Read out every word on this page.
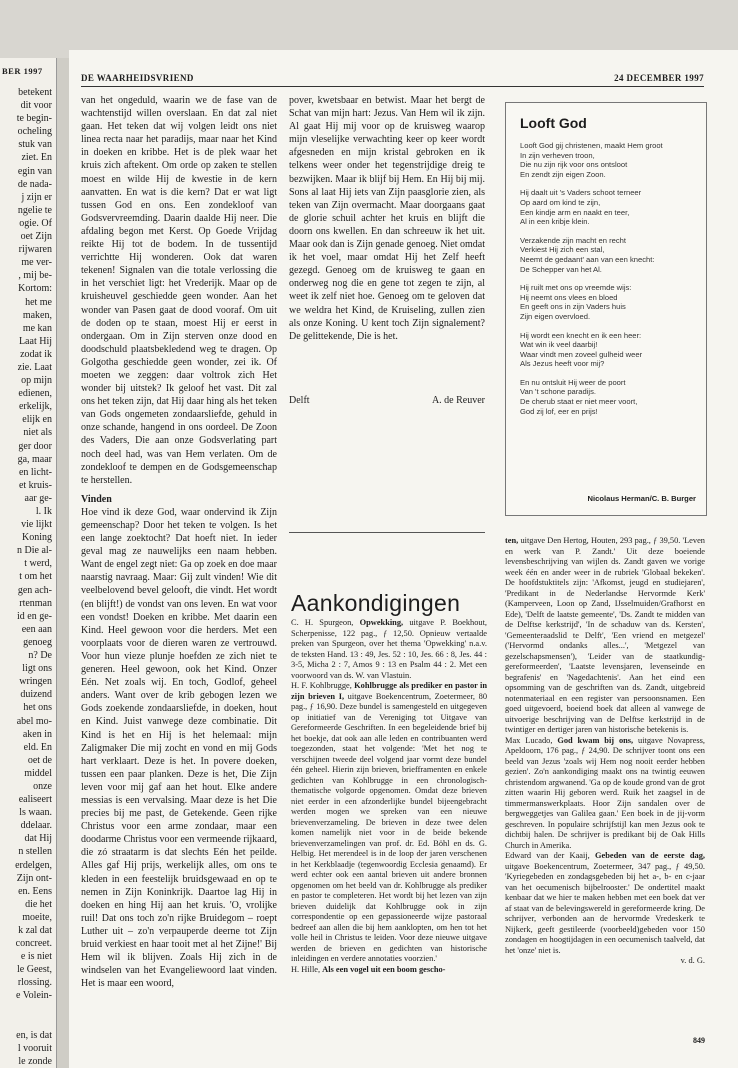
BER 1997
betekent
dit voor
te begin-
ocheling
stuk van
ziet. En
egin van
de nada-
j zijn er
ngelie te
ogie. Of
oet Zijn
rijwaren
me ver-
, mij be-
Kortom:
het me
maken,
me kan
Laat Hij
zodat ik
zie. Laat
op mijn
edienen,
erkelijk,
elijk en
niet als
ger door
ga, maar
en licht-
et kruis-
aar ge-
l. Ik
vie lijkt
Koning
n Die al-
t werd,
t om het
gen ach-
rtenman
id en ge-
een aan
genoeg
n? De
ligt ons
wringen
duizend
het ons
abel mo-
aken in
eld. En
oet de
middel
onze
ealiseert
ls waan.
ddelaar.
dat Hij
n stellen
erdelgen,
Zijn ont-
en. Eens
die het
moeite,
k zal dat
concreet.
e is niet
le Geest,
rlossing.
e Volein-

en, is dat
l vooruit
le zonde
DE WAARHEIDSVRIEND	24 DECEMBER 1997

van het ongeduld, waarin we de fase van de wachtenstijd willen overslaan. En dat zal niet gaan. Het teken dat wij volgen leidt ons niet linea recta naar het paradijs, maar naar het Kind in doeken en kribbe. Het is de plek waar het kruis zich aftekent. Om orde op zaken te stellen moest en wilde Hij de kwestie in de kern aanvatten. En wat is die kern? Dat er wat ligt tussen God en ons. Een zondekloof van Godsvervreemding. Daarin daalde Hij neer. Die afdaling begon met Kerst. Op Goede Vrijdag reikte Hij tot de bodem. In de tussentijd verrichtte Hij wonderen. Ook dat waren tekenen! Signalen van die totale verlossing die in het verschiet ligt: het Vrederijk. Maar op de kruisheuvel geschiedde geen wonder. Aan het wonder van Pasen gaat de dood vooraf. Om uit de doden op te staan, moest Hij er eerst in ondergaan. Om in Zijn sterven onze dood en doodschuld plaatsbekledend weg te dragen. Op Golgotha geschiedde geen wonder, zei ik. Of moeten we zeggen: daar voltrok zich Het wonder bij uitstek? Ik geloof het vast. Dit zal ons het teken zijn, dat Hij daar hing als het teken van Gods ongemeten zondaarsliefde, gehuld in onze schande, hangend in ons oordeel. De Zoon des Vaders, Die aan onze Godsverlating part noch deel had, was van Hem verlaten. Om de zondekloof te dempen en de Godsgemeenschap te herstellen.

Vinden

Hoe vind ik deze God, waar ondervind ik Zijn gemeenschap? Door het teken te volgen. Is het een lange zoektocht? Dat hoeft niet. In ieder geval mag ze nauwelijks een naam hebben. Want de engel zegt niet: Ga op zoek en doe maar naarstig navraag. Maar: Gij zult vinden! Wie dit veelbelovend bevel gelooft, die vindt. Het wordt (en blijft!) de vondst van ons leven. En wat voor een vondst! Doeken en kribbe. Met daarin een Kind. Heel gewoon voor die herders. Met een voorplaats voor de dieren waren ze vertrouwd. Voor hun vieze plunje hoefden ze zich niet te generen. Heel gewoon, ook het Kind. Onzer Eén. Net zoals wij. En toch, Godlof, geheel anders. Want over de krib gebogen lezen we Gods zoekende zondaarsliefde, in doeken, hout en Kind. Juist vanwege deze combinatie. Dit Kind is het en Hij is het helemaal: mijn Zaligmaker Die mij zocht en vond en mij Gods hart verklaart. Deze is het. In povere doeken, tussen een paar planken. Deze is het, Die Zijn leven voor mij gaf aan het hout. Elke andere messias is een vervalsing. Maar deze is het Die precies bij me past, de Getekende. Geen rijke Christus voor een arme zondaar, maar een doodarme Christus voor een vermeende rijkaard, die zó straatarm is dat slechts Eén het peilde. Alles gaf Hij prijs, werkelijk alles, om ons te kleden in een feestelijk bruidsgewaad en op te nemen in Zijn Koninkrijk. Daartoe lag Hij in doeken en hing Hij aan het kruis. 'O, vrolijke ruil! Dat ons toch zo'n rijke Bruidegom – roept Luther uit – zo'n verpauperde deerne tot Zijn bruid verkiest en haar tooit met al het Zijne!' Bij Hem wil ik blijven. Zoals Hij zich in de windselen van het Evangeliewoord laat vinden. Het is maar een woord,

pover, kwetsbaar en betwist. Maar het bergt de Schat van mijn hart: Jezus. Van Hem wil ik zijn. Al gaat Hij mij voor op de kruisweg waarop mijn vleselijke verwachting keer op keer wordt afgesneden en mijn kristal gebroken en ik telkens weer onder het tegenstrijdige dreig te bezwijken. Maar ik blijf bij Hem. En Hij bij mij. Sons al laat Hij iets van Zijn paasglorie zien, als teken van Zijn overmacht. Maar doorgaans gaat de glorie schuil achter het kruis en blijft die doorn ons kwellen. En dan schreeuw ik het uit. Maar ook dan is Zijn genade genoeg. Niet omdat ik het voel, maar omdat Hij het Zelf heeft gezegd. Genoeg om de kruisweg te gaan en onderweg nog die en gene tot zegen te zijn, al weet ik zelf niet hoe. Genoeg om te geloven dat we weldra het Kind, de Kruiseling, zullen zien als onze Koning. U kent toch Zijn signalement? De gelittekende, Die is het.

Delft	A. de Reuver
Looft God
Looft God gij christenen, maakt Hem groot
In zijn verheven troon,
Die nu zijn rijk voor ons ontsloot
En zendt zijn eigen Zoon.
Hij daalt uit 's Vaders schoot terneer
Op aard om kind te zijn,
Een kindje arm en naakt en teer,
Al in een kribje klein.
Verzakende zijn macht en recht
Verkiest Hij zich een stal,
Neemt de gedaant' aan van een knecht:
De Schepper van het Al.
Hij ruilt met ons op vreemde wijs:
Hij neemt ons vlees en bloed
En geeft ons in zijn Vaders huis
Zijn eigen overvloed.
Hij wordt een knecht en ik een heer:
Wat win ik veel daarbij!
Waar vindt men zoveel gulheid weer
Als Jezus heeft voor mij?
En nu ontsluit Hij weer de poort
Van 't schone paradijs.
De cherub staat er niet meer voort,
God zij lof, eer en prijs!
Nicolaus Herman/C. B. Burger
Aankondigingen

C. H. Spurgeon, Opwekking, uitgave P. Boekhout, Scherpenisse, 122 pag., ƒ 12,50. Opnieuw vertaalde preken van Spurgeon, over het thema 'Opwekking' n.a.v. de teksten Hand. 13 : 49, Jes. 52 : 10, Jes. 66 : 8, Jes. 44 : 3-5, Micha 2 : 7, Amos 9 : 13 en Psalm 44 : 2. Met een voorwoord van ds. W. van Vlastuin.

H. F. Kohlbrugge, Kohlbrugge als prediker en pastor in zijn brieven I, uitgave Boekencentrum, Zoetermeer, 80 pag., ƒ 16,90. Deze bundel is samengesteld en uitgegeven op initiatief van de Vereniging tot Uitgave van Gereformeerde Geschriften. In een begeleidende brief bij het boekje, dat ook aan alle leden en contribuanten werd toegezonden, staat het volgende: 'Met het nog te verschijnen tweede deel volgend jaar vormt deze bundel één geheel. Hierin zijn brieven, briefframenten en enkele gedichten van Kohlbrugge in een chronologisch-thematische volgorde opgenomen. Omdat deze brieven niet eerder in een afzonderlijke bundel bijeengebracht werden mogen we spreken van een nieuwe brievenverzameling. De brieven in deze twee delen komen namelijk niet voor in de beide bekende brievenverzamelingen van prof. dr. Ed. Böhl en ds. G. Helbig. Het merendeel is in de loop der jaren verschenen in het Kerkblaadje (tegenwoordig Ecclesia genaamd). Er werd echter ook een aantal brieven uit andere bronnen opgenomen om het beeld van dr. Kohlbrugge als prediker en pastor te completeren. Het wordt bij het lezen van zijn brieven duidelijk dat Kohlbrugge ook in zijn correspondentie op een gepassioneerde wijze pastoraal bedreef aan allen die bij hem aanklopten, om hen tot het volle heil in Christus te leiden. Voor deze nieuwe uitgave werden de brieven en gedichten van historische inleidingen en verdere annotaties voorzien.'

H. Hille, Als een vogel uit een boom gescho-

ten, uitgave Den Hertog, Houten, 293 pag., ƒ 39,50. 'Leven en werk van P. Zandt.' Uit deze boeiende levensbeschrijving van wijlen ds. Zandt gaven we vorige week één en ander weer in de rubriek 'Globaal bekeken'. De hoofdstuktitels zijn: 'Afkomst, jeugd en studiejaren', 'Predikant in de Nederlandse Hervormde Kerk' (Kamperveen, Loon op Zand, IJsselmuiden/Grafhorst en Ede), 'Delft de laatste gemeente', 'Ds. Zandt te midden van de Delftse kerkstrijd', 'In de schaduw van ds. Kersten', 'Gemeenteraadslid te Delft', 'Een vriend en metgezel' ('Hervormd ondanks alles...', 'Metgezel van gezelschapsmensen'), 'Leider van de staatkundig-gereformeerden', 'Laatste levensjaren, levenseinde en begrafenis' en 'Nagedachtenis'. Aan het eind een opsomming van de geschriften van ds. Zandt, uitgebreid notenmateriaal en een register van persoonsnamen. Een goed uitgevoerd, boeiend boek dat alleen al vanwege de uitvoerige beschrijving van de Delftse kerkstrijd in de twintiger en dertiger jaren van historische betekenis is.

Max Lucado, God kwam bij ons, uitgave Novapress, Apeldoorn, 176 pag., ƒ 24,90. De schrijver toont ons een beeld van Jezus 'zoals wij Hem nog nooit eerder hebben gezien'. Zo'n aankondiging maakt ons na twintig eeuwen christendom argwanend. 'Ga op de koude grond van de grot zitten waarin Hij geboren werd. Ruik het zaagsel in de timmermanswerkplaats. Hoor Zijn sandalen over de bergweggetjes van Galilea gaan.' Een boek in de jij-vorm geschreven. In populaire schrijfstijl kan men Jezus ook te dichtbij halen. De schrijver is predikant bij de Oak Hills Church in Amerika.

Edward van der Kaaij, Gebeden van de eerste dag, uitgave Boekencentrum, Zoetermeer, 347 pag., ƒ 49,50. 'Kyriegebeden en zondagsgebeden bij het a-, b- en c-jaar van het oecumenisch bijbelrooster.' De ondertitel maakt kenbaar dat we hier te maken hebben met een boek dat ver af staat van de belevingswereld in gereformeerde kring. De schrijver, verbonden aan de hervormde Vredeskerk te Nijkerk, geeft gestileerde (voorbeeld)gebeden voor 150 zondagen en hoogtijdagen in een oecumenisch taalveld, dat het 'onze' niet is.

v. d. G.

849
